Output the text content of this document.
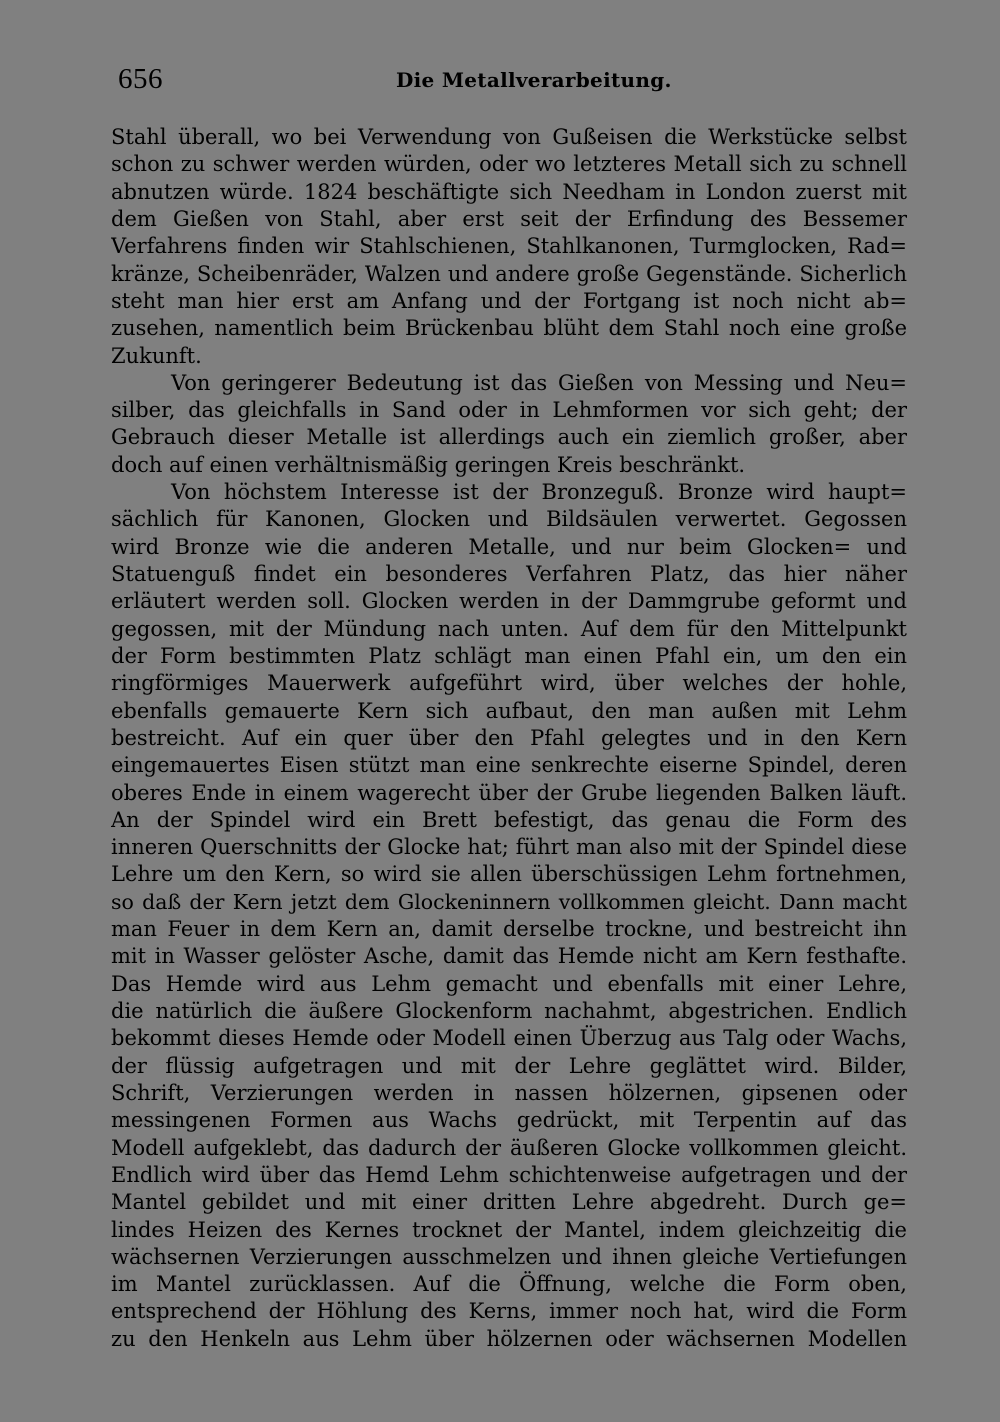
656	Die Metallverarbeitung.
Stahl überall, wo bei Verwendung von Gußeisen die Werkstücke selbst
schon zu schwer werden würden, oder wo letzteres Metall sich zu schnell
abnutzen würde. 1824 beschäftigte sich Needham in London zuerst mit
dem Gießen von Stahl, aber erst seit der Erfindung des Bessemer
Verfahrens finden wir Stahlschienen, Stahlkanonen, Turmglocken, Rad=
kränze, Scheibenräder, Walzen und andere große Gegenstände. Sicherlich
steht man hier erst am Anfang und der Fortgang ist noch nicht ab=
zusehen, namentlich beim Brückenbau blüht dem Stahl noch eine große
Zukunft.
Von geringerer Bedeutung ist das Gießen von Messing und Neu=
silber, das gleichfalls in Sand oder in Lehmformen vor sich geht; der
Gebrauch dieser Metalle ist allerdings auch ein ziemlich großer, aber
doch auf einen verhältnismäßig geringen Kreis beschränkt.
Von höchstem Interesse ist der Bronzeguß. Bronze wird haupt=
sächlich für Kanonen, Glocken und Bildsäulen verwertet. Gegossen
wird Bronze wie die anderen Metalle, und nur beim Glocken= und
Statuenguß findet ein besonderes Verfahren Platz, das hier näher
erläutert werden soll. Glocken werden in der Dammgrube geformt und
gegossen, mit der Mündung nach unten. Auf dem für den Mittelpunkt
der Form bestimmten Platz schlägt man einen Pfahl ein, um den ein
ringförmiges Mauerwerk aufgeführt wird, über welches der hohle,
ebenfalls gemauerte Kern sich aufbaut, den man außen mit Lehm
bestreicht. Auf ein quer über den Pfahl gelegtes und in den Kern
eingemauertes Eisen stützt man eine senkrechte eiserne Spindel, deren
oberes Ende in einem wagerecht über der Grube liegenden Balken läuft.
An der Spindel wird ein Brett befestigt, das genau die Form des
inneren Querschnitts der Glocke hat; führt man also mit der Spindel diese
Lehre um den Kern, so wird sie allen überschüssigen Lehm fortnehmen,
so daß der Kern jetzt dem Glockeninnern vollkommen gleicht. Dann macht
man Feuer in dem Kern an, damit derselbe trockne, und bestreicht ihn
mit in Wasser gelöster Asche, damit das Hemde nicht am Kern festhafte.
Das Hemde wird aus Lehm gemacht und ebenfalls mit einer Lehre,
die natürlich die äußere Glockenform nachahmt, abgestrichen. Endlich
bekommt dieses Hemde oder Modell einen Überzug aus Talg oder Wachs,
der flüssig aufgetragen und mit der Lehre geglättet wird. Bilder,
Schrift, Verzierungen werden in nassen hölzernen, gipsenen oder
messingenen Formen aus Wachs gedrückt, mit Terpentin auf das
Modell aufgeklebt, das dadurch der äußeren Glocke vollkommen gleicht.
Endlich wird über das Hemd Lehm schichtenweise aufgetragen und der
Mantel gebildet und mit einer dritten Lehre abgedreht. Durch ge=
lindes Heizen des Kernes trocknet der Mantel, indem gleichzeitig die
wächsernen Verzierungen ausschmelzen und ihnen gleiche Vertiefungen
im Mantel zurücklassen. Auf die Öffnung, welche die Form oben,
entsprechend der Höhlung des Kerns, immer noch hat, wird die Form
zu den Henkeln aus Lehm über hölzernen oder wächsernen Modellen
